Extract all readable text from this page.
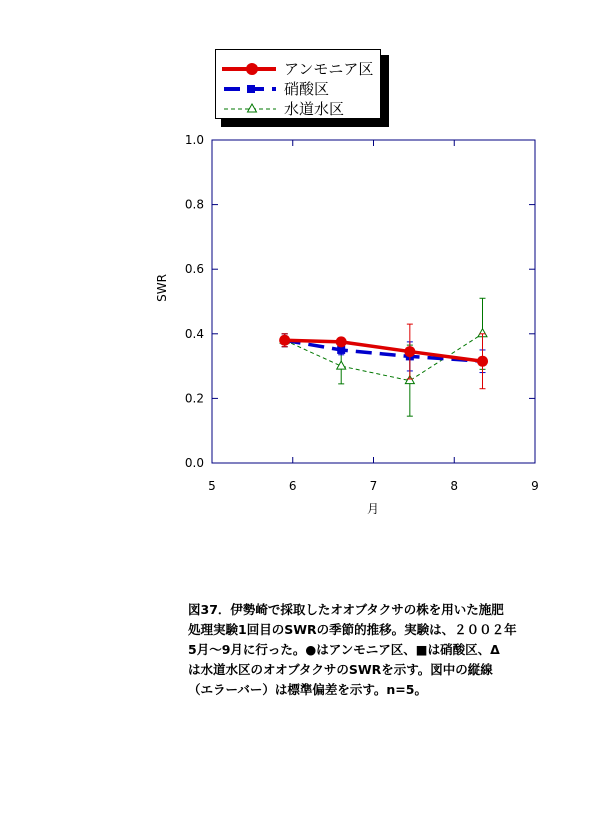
5	6	7	8	9
0.0
0.2
0.4
0.6
0.8
1.0
月
SWR
アンモニア区
硝酸区
水道水区

図37．伊勢崎で採取したオオブタクサの株を用いた施肥

処理実験1回目のSWRの季節的推移。実験は、２００２年

5月～9月に行った。●はアンモニア区、■は硝酸区、Δ

は水道水区のオオブタクサのSWRを示す。図中の縦線

（エラーバー）は標準偏差を示す。n=5。
